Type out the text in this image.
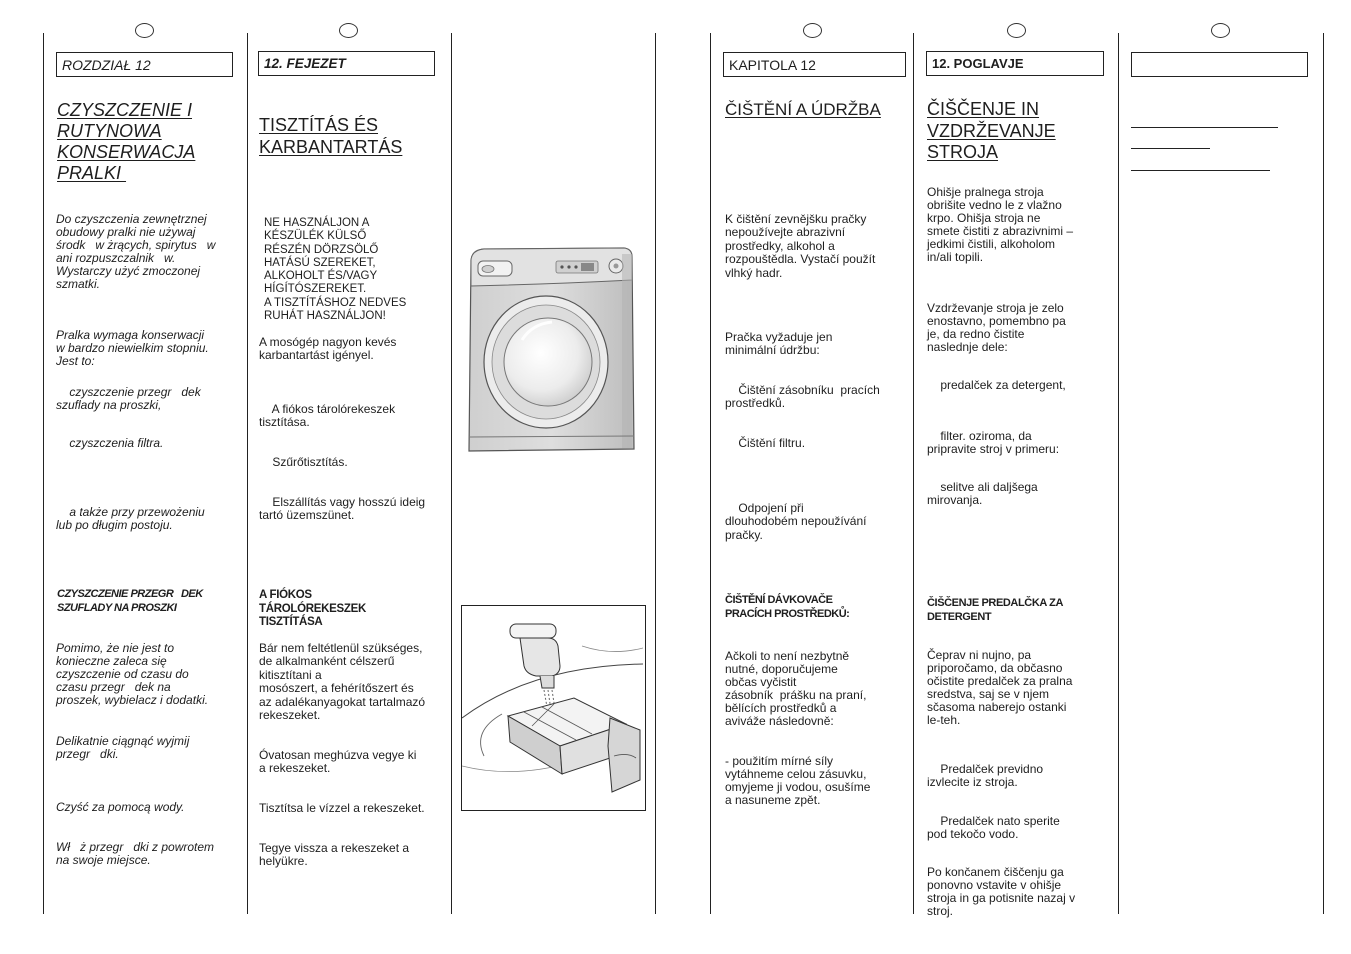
ROZDZIAŁ 12
CZYSZCZENIE I
RUTYNOWA
KONSERWACJA
PRALKI
Do czyszczenia zewnętrznej
obudowy pralki nie używaj
środk   w żrących, spirytus   w
ani rozpuszczalnik   w.
Wystarczy użyć zmoczonej
szmatki.
Pralka wymaga konserwacji
w bardzo niewielkim stopniu.
Jest to:
czyszczenie przegr   dek
szuflady na proszki,
czyszczenia filtra.
a także przy przewożeniu
lub po długim postoju.
CZYSZCZENIE PRZEGR   DEK
SZUFLADY NA PROSZKI
Pomimo, że nie jest to
konieczne zaleca się
czyszczenie od czasu do
czasu przegr   dek na
proszek, wybielacz i dodatki.
Delikatnie ciągnąć wyjmij
przegr   dki.
Czyść za pomocą wody.
Wł   ż przegr   dki z powrotem
na swoje miejsce.
12. FEJEZET
TISZTÍTÁS ÉS
KARBANTARTÁS
NE HASZNÁLJON A
KÉSZÜLÉK KÜLSŐ
RÉSZÉN DÖRZSÖLŐ
HATÁSÚ SZEREKET,
ALKOHOLT ÉS/VAGY
HÍGÍTÓSZEREKET.
A TISZTÍTÁSHOZ NEDVES
RUHÁT HASZNÁLJON!
A mosógép nagyon kevés
karbantartást igényel.
A fiókos tárolórekeszek
tisztítása.
Szűrőtisztítás.
Elszállítás vagy hosszú ideig
tartó üzemszünet.
A FIÓKOS
TÁROLÓREKESZEK
TISZTÍTÁSA
Bár nem feltétlenül szükséges,
de alkalmanként célszerű
kitisztítani a
mosószert, a fehérítőszert és
az adalékanyagokat tartalmazó
rekeszeket.
Óvatosan meghúzva vegye ki
a rekeszeket.
Tisztítsa le vízzel a rekeszeket.
Tegye vissza a rekeszeket a
helyükre.
KAPITOLA 12
ČIŠTĚNÍ A ÚDRŽBA
K čištění zevnějšku pračky
nepoužívejte abrazivní
prostředky, alkohol a
rozpouštědla. Vystačí použít
vlhký hadr.
Pračka vyžaduje jen
minimální údržbu:
Čištění zásobníku  pracích
prostředků.
Čištění filtru.
Odpojení při
dlouhodobém nepoužívání
pračky.
ČIŠTĚNÍ DÁVKOVAČE
PRACÍCH PROSTŘEDKŮ:
Ačkoli to není nezbytně
nutné, doporučujeme
občas vyčistit
zásobník  prášku na praní,
bělících prostředků a
aviváže následovně:
- použitím mírné síly
vytáhneme celou zásuvku,
omyjeme ji vodou, osušíme
a nasuneme zpět.
12. POGLAVJE
ČIŠČENJE IN
VZDRŽEVANJE
STROJA
Ohišje pralnega stroja
obrišite vedno le z vlažno
krpo. Ohišja stroja ne
smete čistiti z abrazivnimi –
jedkimi čistili, alkoholom
in/ali topili.
Vzdrževanje stroja je zelo
enostavno, pomembno pa
je, da redno čistite
naslednje dele:
predalček za detergent,
filter. oziroma, da
pripravite stroj v primeru:
selitve ali daljšega
mirovanja.
ČIŠČENJE PREDALČKA ZA
DETERGENT
Čeprav ni nujno, pa
priporočamo, da občasno
očistite predalček za pralna
sredstva, saj se v njem
sčasoma naberejo ostanki
le-teh.
Predalček previdno
izvlecite iz stroja.
Predalček nato sperite
pod tekočo vodo.
Po končanem čiščenju ga
ponovno vstavite v ohišje
stroja in ga potisnite nazaj v
stroj.
